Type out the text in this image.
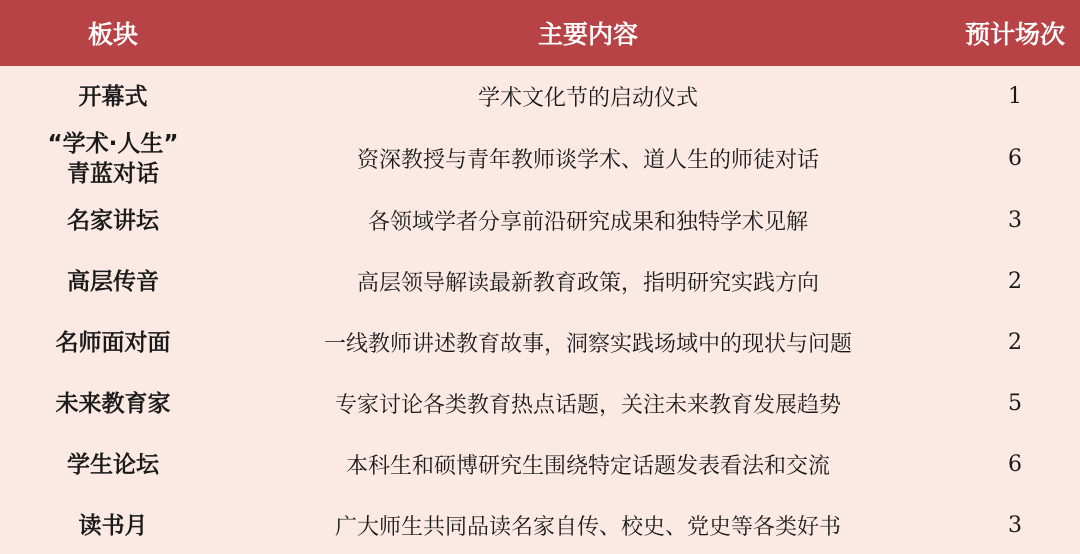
板块	主要内容	预计场次
开幕式	学术文化节的启动仪式	1
“学术·人生”
青蓝对话	资深教授与青年教师谈学术、道人生的师徒对话	6
名家讲坛	各领域学者分享前沿研究成果和独特学术见解	3
高层传音	高层领导解读最新教育政策，指明研究实践方向	2
名师面对面	一线教师讲述教育故事，洞察实践场域中的现状与问题	2
未来教育家	专家讨论各类教育热点话题，关注未来教育发展趋势	5
学生论坛	本科生和硕博研究生围绕特定话题发表看法和交流	6
读书月	广大师生共同品读名家自传、校史、党史等各类好书	3
